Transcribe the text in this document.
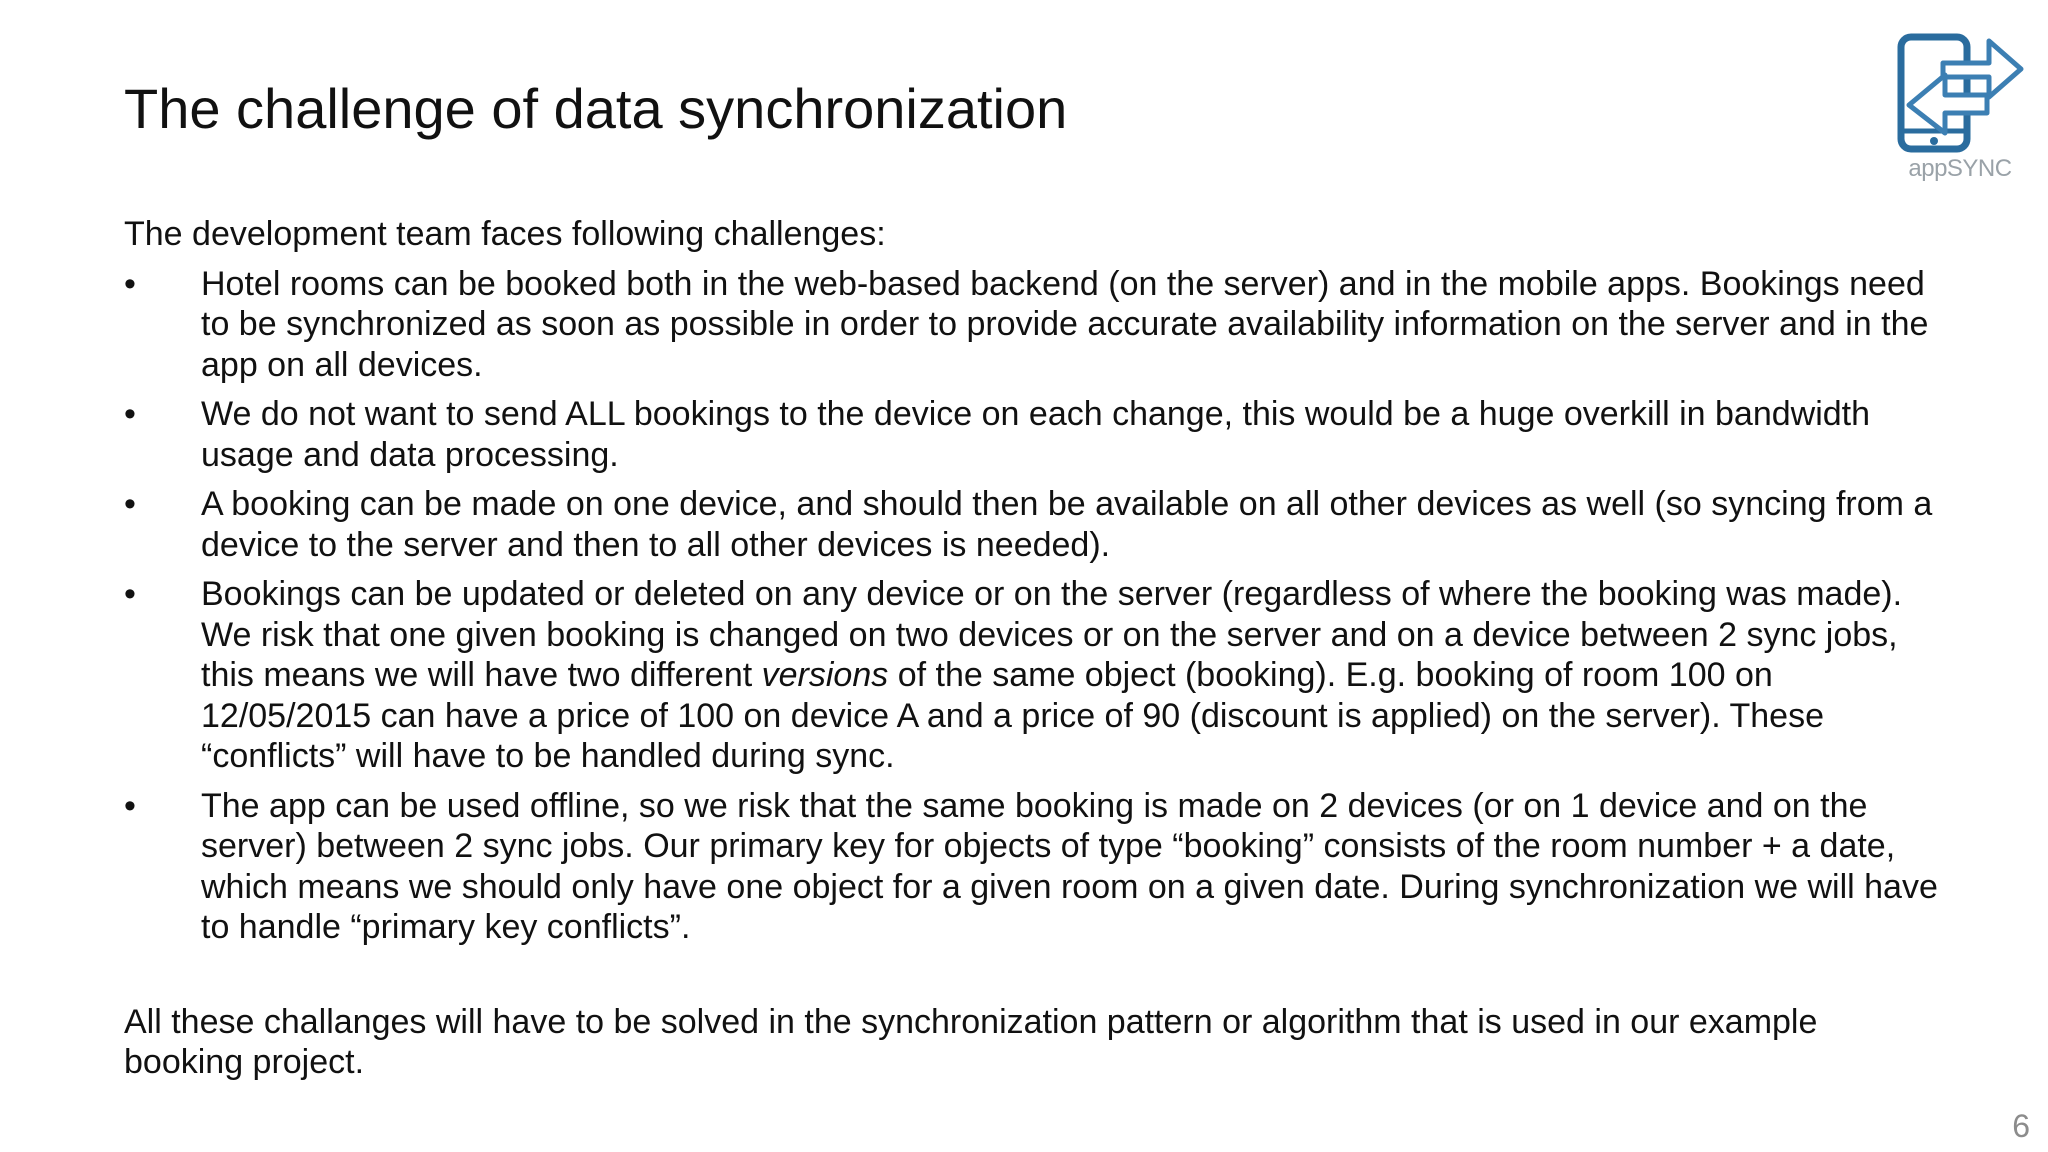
The challenge of data synchronization
appSYNC

The development team faces following challenges:

• Hotel rooms can be booked both in the web-based backend (on the server) and in the mobile apps. Bookings need to be synchronized as soon as possible in order to provide accurate availability information on the server and in the app on all devices.
• We do not want to send ALL bookings to the device on each change, this would be a huge overkill in bandwidth usage and data processing.
• A booking can be made on one device, and should then be available on all other devices as well (so syncing from a device to the server and then to all other devices is needed).
• Bookings can be updated or deleted on any device or on the server (regardless of where the booking was made). We risk that one given booking is changed on two devices or on the server and on a device between 2 sync jobs, this means we will have two different versions of the same object (booking). E.g. booking of room 100 on 12/05/2015 can have a price of 100 on device A and a price of 90 (discount is applied) on the server). These “conflicts” will have to be handled during sync.
• The app can be used offline, so we risk that the same booking is made on 2 devices (or on 1 device and on the server) between 2 sync jobs. Our primary key for objects of type “booking” consists of the room number + a date, which means we should only have one object for a given room on a given date. During synchronization we will have to handle “primary key conflicts”.

All these challanges will have to be solved in the synchronization pattern or algorithm that is used in our example booking project.

6
